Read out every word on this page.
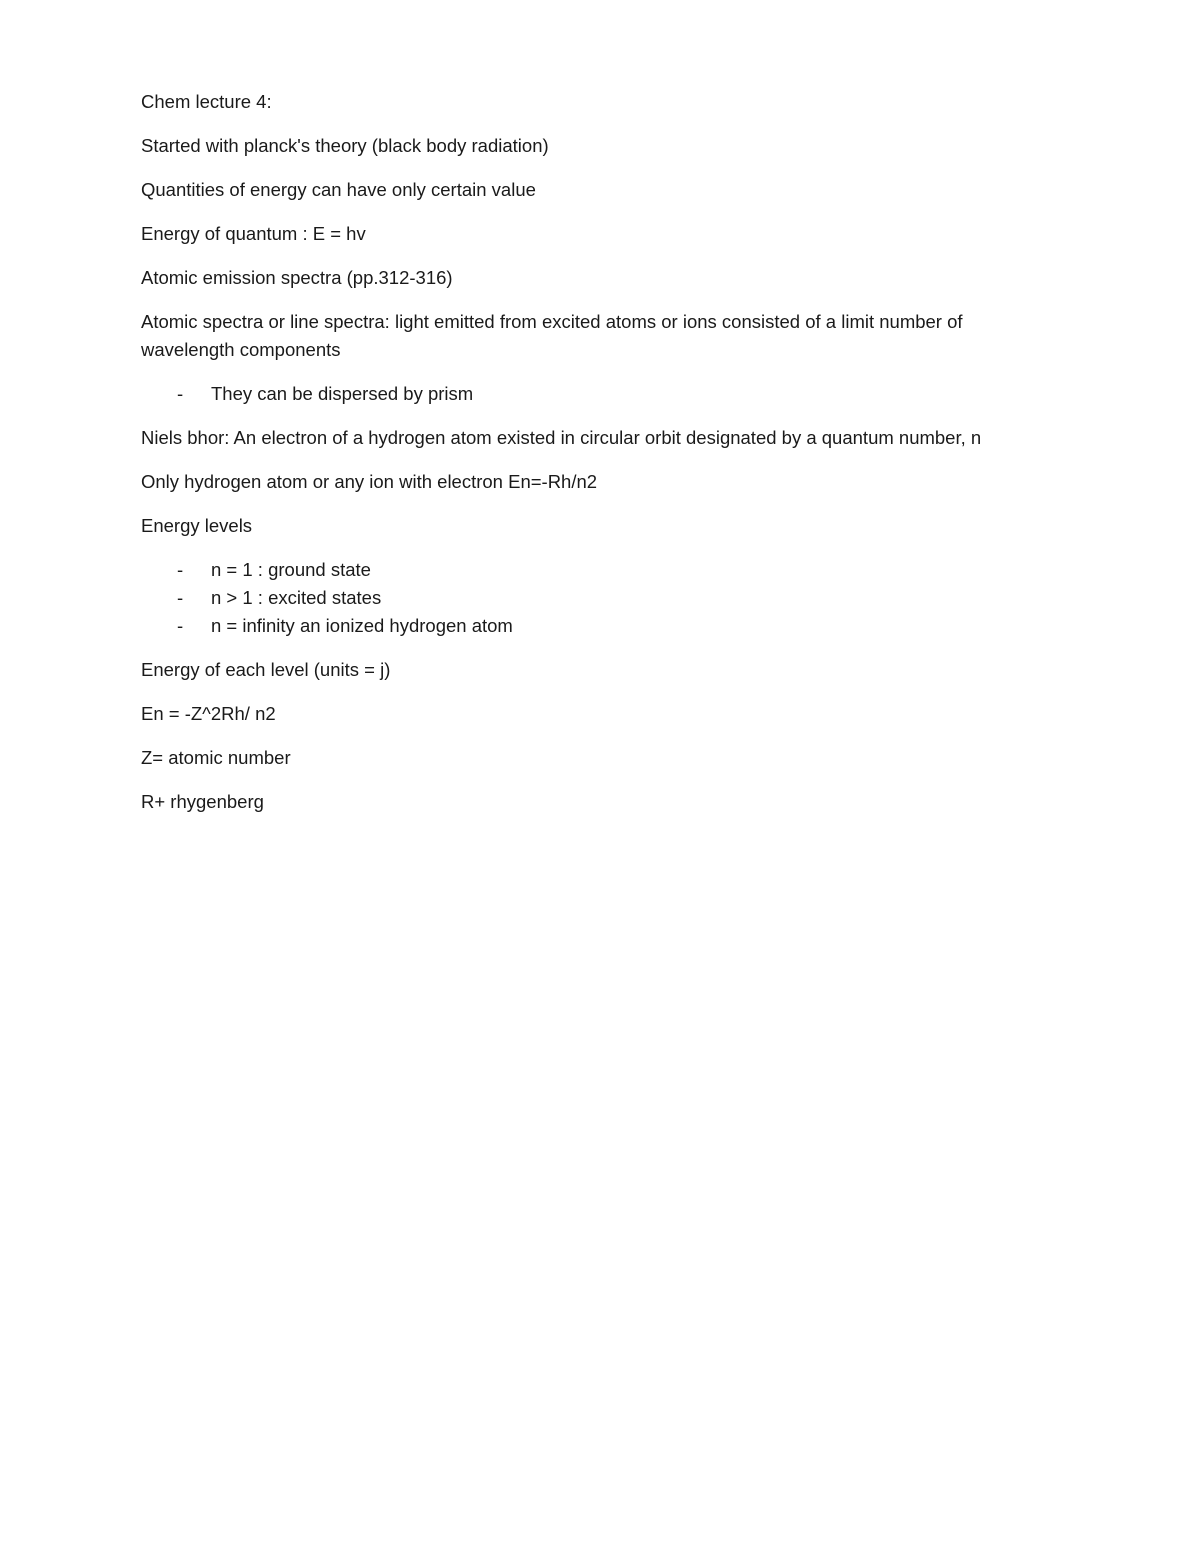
Chem lecture 4:

Started with planck's theory (black body radiation)

Quantities of energy can have only certain value

Energy of quantum : E = hv

Atomic emission spectra (pp.312-316)

Atomic spectra or line spectra: light emitted from excited atoms or ions consisted of a limit number of wavelength components

- They can be dispersed by prism

Niels bhor: An electron of a hydrogen atom existed in circular orbit designated by a quantum number, n

Only hydrogen atom or any ion with electron En=-Rh/n2

Energy levels

- n = 1 : ground state
- n > 1 : excited states
- n = infinity an ionized hydrogen atom

Energy of each level (units = j)

En = -Z^2Rh/ n2

Z= atomic number

R+ rhygenberg
